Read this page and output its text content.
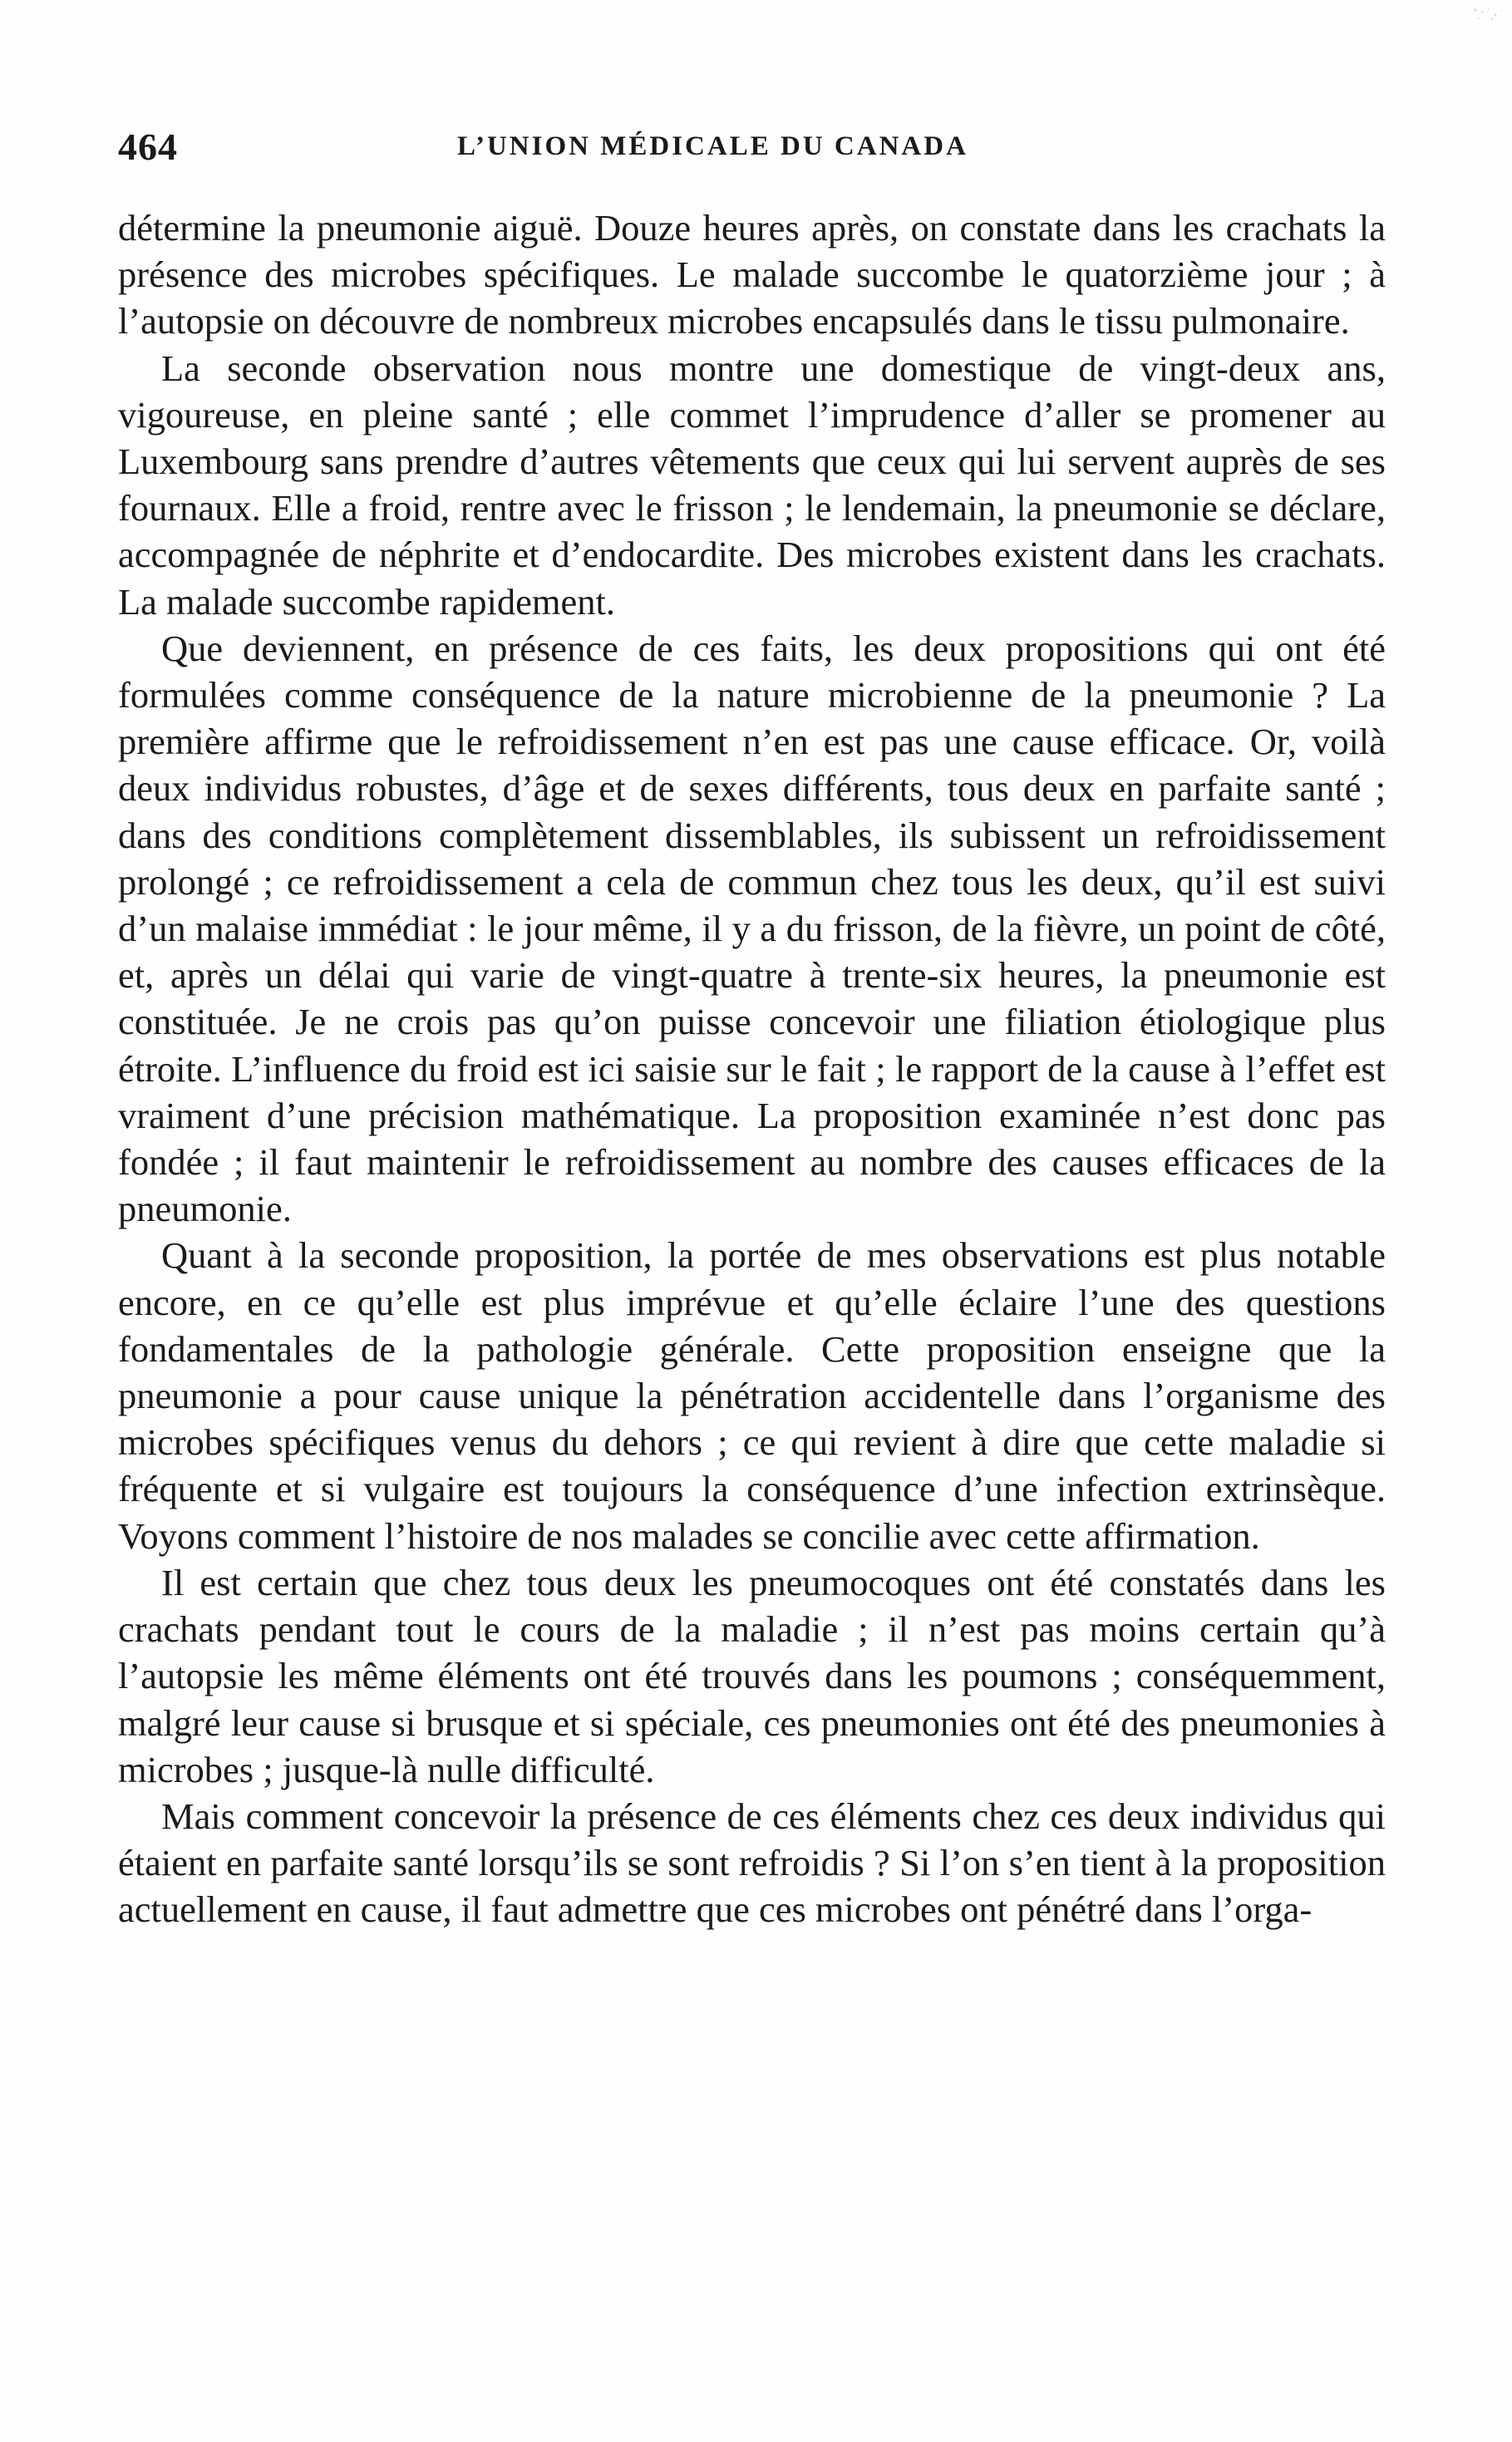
464	L’UNION MÉDICALE DU CANADA

détermine la pneumonie aiguë. Douze heures après, on constate dans les crachats la présence des microbes spécifiques. Le malade succombe le quatorzième jour ; à l’autopsie on découvre de nombreux microbes encapsulés dans le tissu pulmonaire.

La seconde observation nous montre une domestique de vingt-deux ans, vigoureuse, en pleine santé ; elle commet l’imprudence d’aller se promener au Luxembourg sans prendre d’autres vêtements que ceux qui lui servent auprès de ses fournaux. Elle a froid, rentre avec le frisson ; le lendemain, la pneumonie se déclare, accompagnée de néphrite et d’endocardite. Des microbes existent dans les crachats. La malade succombe rapidement.

Que deviennent, en présence de ces faits, les deux propositions qui ont été formulées comme conséquence de la nature microbienne de la pneumonie ? La première affirme que le refroidissement n’en est pas une cause efficace. Or, voilà deux individus robustes, d’âge et de sexes différents, tous deux en parfaite santé ; dans des conditions complètement dissemblables, ils subissent un refroidissement prolongé ; ce refroidissement a cela de commun chez tous les deux, qu’il est suivi d’un malaise immédiat : le jour même, il y a du frisson, de la fièvre, un point de côté, et, après un délai qui varie de vingt-quatre à trente-six heures, la pneumonie est constituée. Je ne crois pas qu’on puisse concevoir une filiation étiologique plus étroite. L’influence du froid est ici saisie sur le fait ; le rapport de la cause à l’effet est vraiment d’une précision mathématique. La proposition examinée n’est donc pas fondée ; il faut maintenir le refroidissement au nombre des causes efficaces de la pneumonie.

Quant à la seconde proposition, la portée de mes observations est plus notable encore, en ce qu’elle est plus imprévue et qu’elle éclaire l’une des questions fondamentales de la pathologie générale. Cette proposition enseigne que la pneumonie a pour cause unique la pénétration accidentelle dans l’organisme des microbes spécifiques venus du dehors ; ce qui revient à dire que cette maladie si fréquente et si vulgaire est toujours la conséquence d’une infection extrinsèque. Voyons comment l’histoire de nos malades se concilie avec cette affirmation.

Il est certain que chez tous deux les pneumocoques ont été constatés dans les crachats pendant tout le cours de la maladie ; il n’est pas moins certain qu’à l’autopsie les même éléments ont été trouvés dans les poumons ; conséquemment, malgré leur cause si brusque et si spéciale, ces pneumonies ont été des pneumonies à microbes ; jusque-là nulle difficulté.

Mais comment concevoir la présence de ces éléments chez ces deux individus qui étaient en parfaite santé lorsqu’ils se sont refroidis ? Si l’on s’en tient à la proposition actuellement en cause, il faut admettre que ces microbes ont pénétré dans l’orga-
